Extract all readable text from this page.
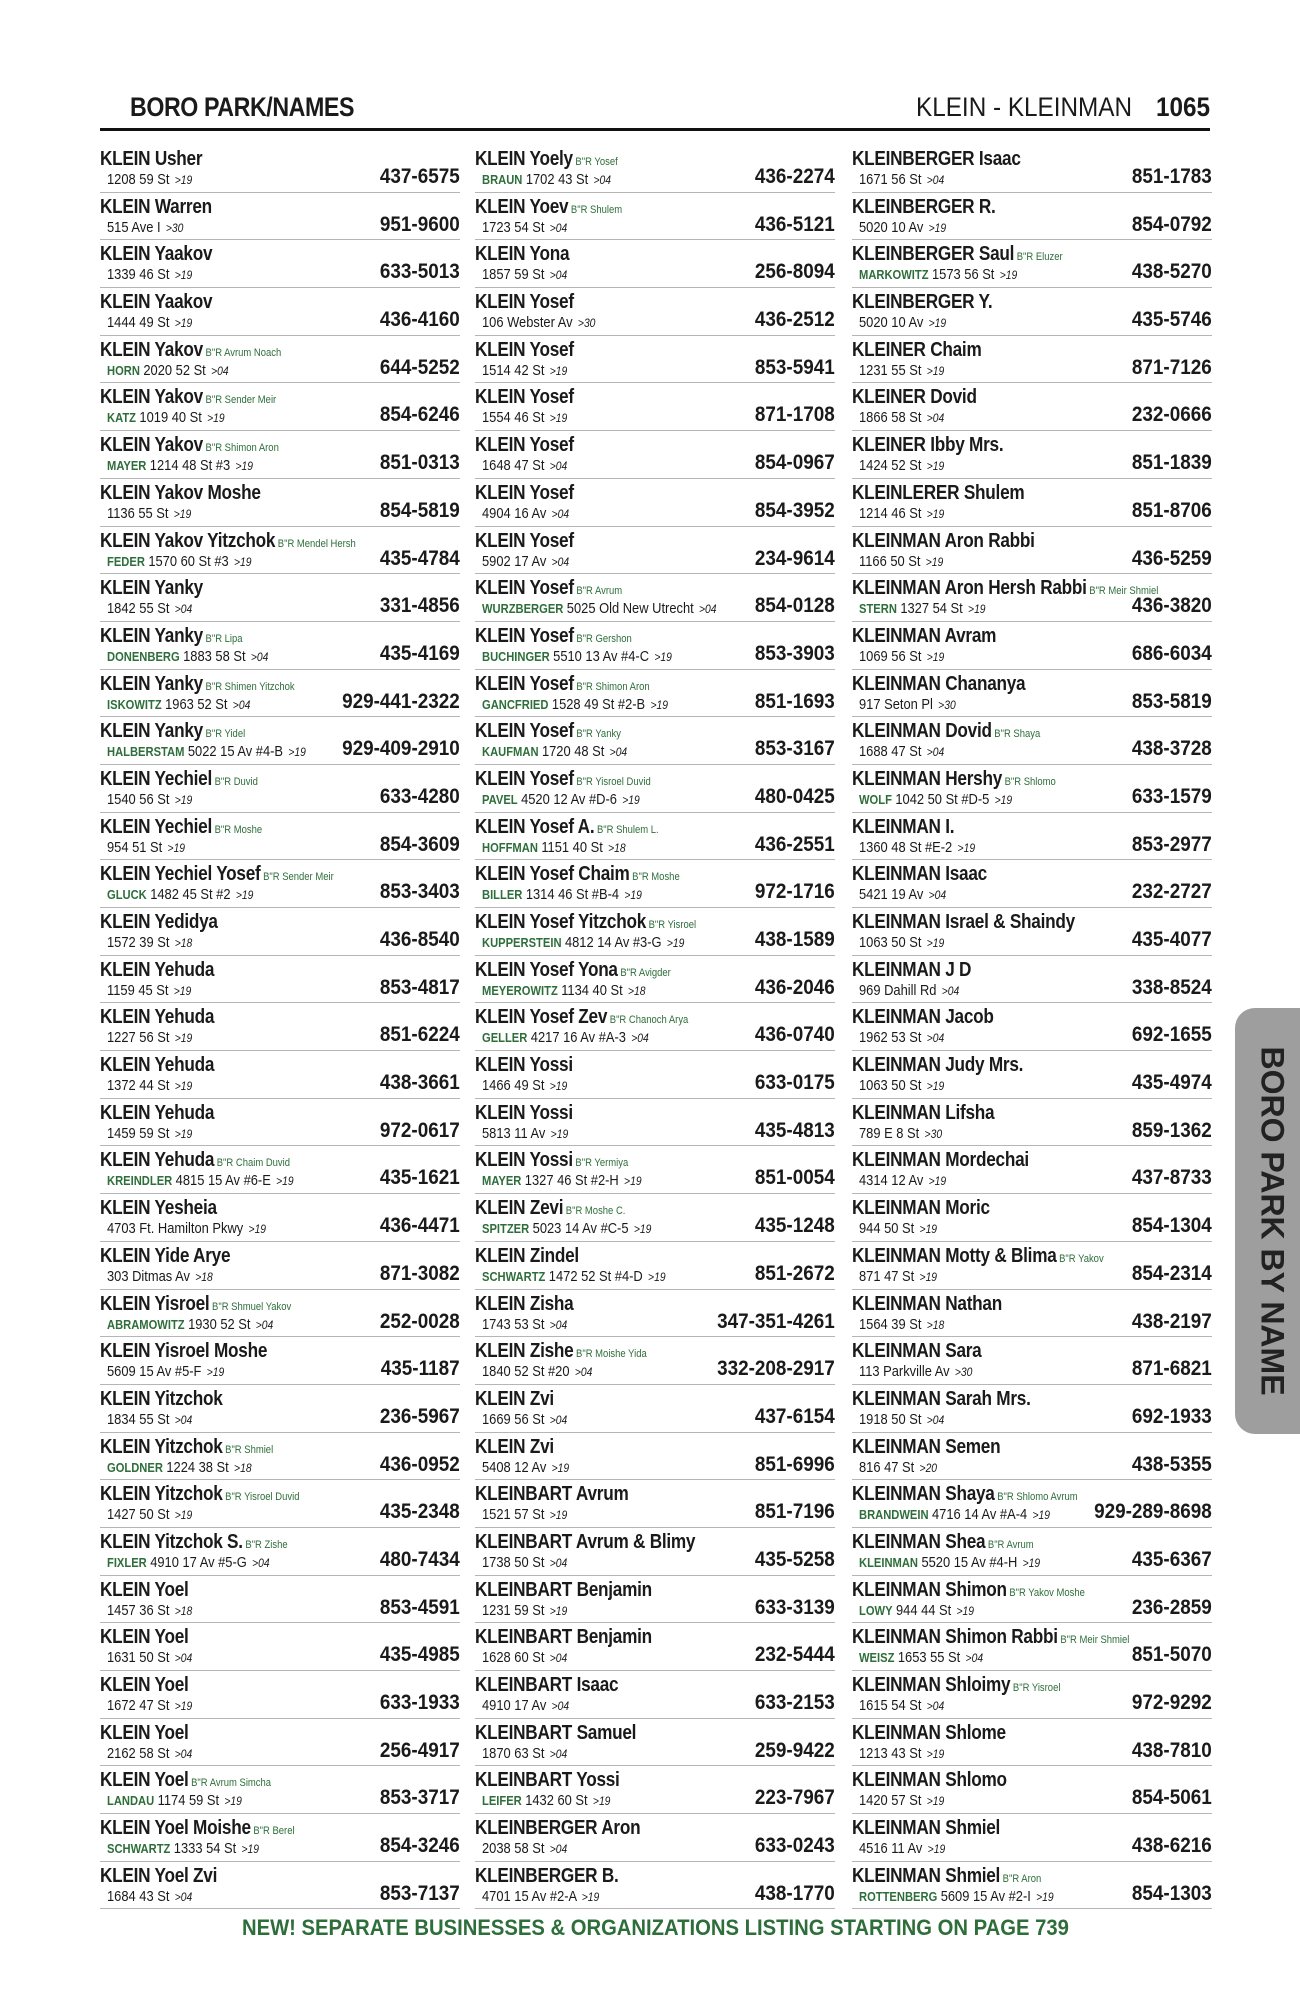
BORO PARK/NAMES	KLEIN - KLEINMAN 1065
KLEIN Usher
1208 59 St >19	437-6575
KLEIN Warren
515 Ave I >30	951-9600
KLEIN Yaakov
1339 46 St >19	633-5013
KLEIN Yaakov
1444 49 St >19	436-4160
KLEIN Yakov B"R Avrum Noach
HORN 2020 52 St >04	644-5252
KLEIN Yakov B"R Sender Meir
KATZ 1019 40 St >19	854-6246
KLEIN Yakov B"R Shimon Aron
MAYER 1214 48 St #3 >19	851-0313
KLEIN Yakov Moshe
1136 55 St >19	854-5819
KLEIN Yakov Yitzchok B"R Mendel Hersh
FEDER 1570 60 St #3 >19	435-4784
KLEIN Yanky
1842 55 St >04	331-4856
KLEIN Yanky B"R Lipa
DONENBERG 1883 58 St >04	435-4169
KLEIN Yanky B"R Shimen Yitzchok
ISKOWITZ 1963 52 St >04	929-441-2322
KLEIN Yanky B"R Yidel
HALBERSTAM 5022 15 Av #4-B >19 929-409-2910
KLEIN Yechiel B"R Duvid
1540 56 St >19	633-4280
KLEIN Yechiel B"R Moshe
954 51 St >19	854-3609
KLEIN Yechiel Yosef B"R Sender Meir
GLUCK 1482 45 St #2 >19	853-3403
KLEIN Yedidya
1572 39 St >18	436-8540
KLEIN Yehuda
1159 45 St >19	853-4817
KLEIN Yehuda
1227 56 St >19	851-6224
KLEIN Yehuda
1372 44 St >19	438-3661
KLEIN Yehuda
1459 59 St >19	972-0617
KLEIN Yehuda B"R Chaim Duvid
KREINDLER 4815 15 Av #6-E >19	435-1621
KLEIN Yesheia
4703 Ft. Hamilton Pkwy >19	436-4471
KLEIN Yide Arye
303 Ditmas Av >18	871-3082
KLEIN Yisroel B"R Shmuel Yakov
ABRAMOWITZ 1930 52 St >04	252-0028
KLEIN Yisroel Moshe
5609 15 Av #5-F >19	435-1187
KLEIN Yitzchok
1834 55 St >04	236-5967
KLEIN Yitzchok B"R Shmiel
GOLDNER 1224 38 St >18	436-0952
KLEIN Yitzchok B"R Yisroel Duvid
1427 50 St >19	435-2348
KLEIN Yitzchok S. B"R Zishe
FIXLER 4910 17 Av #5-G >04	480-7434
KLEIN Yoel
1457 36 St >18	853-4591
KLEIN Yoel
1631 50 St >04	435-4985
KLEIN Yoel
1672 47 St >19	633-1933
KLEIN Yoel
2162 58 St >04	256-4917
KLEIN Yoel B"R Avrum Simcha
LANDAU 1174 59 St >19	853-3717
KLEIN Yoel Moishe B"R Berel
SCHWARTZ 1333 54 St >19	854-3246
KLEIN Yoel Zvi
1684 43 St >04	853-7137
KLEIN Yoely B"R Yosef
BRAUN 1702 43 St >04	436-2274
KLEIN Yoev B"R Shulem
1723 54 St >04	436-5121
KLEIN Yona
1857 59 St >04	256-8094
KLEIN Yosef
106 Webster Av >30	436-2512
KLEIN Yosef
1514 42 St >19	853-5941
KLEIN Yosef
1554 46 St >19	871-1708
KLEIN Yosef
1648 47 St >04	854-0967
KLEIN Yosef
4904 16 Av >04	854-3952
KLEIN Yosef
5902 17 Av >04	234-9614
KLEIN Yosef B"R Avrum
WURZBERGER 5025 Old New Utrecht >04 854-0128
KLEIN Yosef B"R Gershon
BUCHINGER 5510 13 Av #4-C >19	853-3903
KLEIN Yosef B"R Shimon Aron
GANCFRIED 1528 49 St #2-B >19	851-1693
KLEIN Yosef B"R Yanky
KAUFMAN 1720 48 St >04	853-3167
KLEIN Yosef B"R Yisroel Duvid
PAVEL 4520 12 Av #D-6 >19	480-0425
KLEIN Yosef A. B"R Shulem L.
HOFFMAN 1151 40 St >18	436-2551
KLEIN Yosef Chaim B"R Moshe
BILLER 1314 46 St #B-4 >19	972-1716
KLEIN Yosef Yitzchok B"R Yisroel
KUPPERSTEIN 4812 14 Av #3-G >19	438-1589
KLEIN Yosef Yona B"R Avigder
MEYEROWITZ 1134 40 St >18	436-2046
KLEIN Yosef Zev B"R Chanoch Arya
GELLER 4217 16 Av #A-3 >04	436-0740
KLEIN Yossi
1466 49 St >19	633-0175
KLEIN Yossi
5813 11 Av >19	435-4813
KLEIN Yossi B"R Yermiya
MAYER 1327 46 St #2-H >19	851-0054
KLEIN Zevi B"R Moshe C.
SPITZER 5023 14 Av #C-5 >19	435-1248
KLEIN Zindel
SCHWARTZ 1472 52 St #4-D >19	851-2672
KLEIN Zisha
1743 53 St >04	347-351-4261
KLEIN Zishe B"R Moishe Yida
1840 52 St #20 >04	332-208-2917
KLEIN Zvi
1669 56 St >04	437-6154
KLEIN Zvi
5408 12 Av >19	851-6996
KLEINBART Avrum
1521 57 St >19	851-7196
KLEINBART Avrum & Blimy
1738 50 St >04	435-5258
KLEINBART Benjamin
1231 59 St >19	633-3139
KLEINBART Benjamin
1628 60 St >04	232-5444
KLEINBART Isaac
4910 17 Av >04	633-2153
KLEINBART Samuel
1870 63 St >04	259-9422
KLEINBART Yossi
LEIFER 1432 60 St >19	223-7967
KLEINBERGER Aron
2038 58 St >04	633-0243
KLEINBERGER B.
4701 15 Av #2-A >19	438-1770
KLEINBERGER Isaac
1671 56 St >04	851-1783
KLEINBERGER R.
5020 10 Av >19	854-0792
KLEINBERGER Saul B"R Eluzer
MARKOWITZ 1573 56 St >19	438-5270
KLEINBERGER Y.
5020 10 Av >19	435-5746
KLEINER Chaim
1231 55 St >19	871-7126
KLEINER Dovid
1866 58 St >04	232-0666
KLEINER Ibby Mrs.
1424 52 St >19	851-1839
KLEINLERER Shulem
1214 46 St >19	851-8706
KLEINMAN Aron Rabbi
1166 50 St >19	436-5259
KLEINMAN Aron Hersh Rabbi B"R Meir Shmiel
STERN 1327 54 St >19	436-3820
KLEINMAN Avram
1069 56 St >19	686-6034
KLEINMAN Chananya
917 Seton Pl >30	853-5819
KLEINMAN Dovid B"R Shaya
1688 47 St >04	438-3728
KLEINMAN Hershy B"R Shlomo
WOLF 1042 50 St #D-5 >19	633-1579
KLEINMAN I.
1360 48 St #E-2 >19	853-2977
KLEINMAN Isaac
5421 19 Av >04	232-2727
KLEINMAN Israel & Shaindy
1063 50 St >19	435-4077
KLEINMAN J D
969 Dahill Rd >04	338-8524
KLEINMAN Jacob
1962 53 St >04	692-1655
KLEINMAN Judy Mrs.
1063 50 St >19	435-4974
KLEINMAN Lifsha
789 E 8 St >30	859-1362
KLEINMAN Mordechai
4314 12 Av >19	437-8733
KLEINMAN Moric
944 50 St >19	854-1304
KLEINMAN Motty & Blima B"R Yakov
871 47 St >19	854-2314
KLEINMAN Nathan
1564 39 St >18	438-2197
KLEINMAN Sara
113 Parkville Av >30	871-6821
KLEINMAN Sarah Mrs.
1918 50 St >04	692-1933
KLEINMAN Semen
816 47 St >20	438-5355
KLEINMAN Shaya B"R Shlomo Avrum
BRANDWEIN 4716 14 Av #A-4 >19 929-289-8698
KLEINMAN Shea B"R Avrum
KLEINMAN 5520 15 Av #4-H >19	435-6367
KLEINMAN Shimon B"R Yakov Moshe
LOWY 944 44 St >19	236-2859
KLEINMAN Shimon Rabbi B"R Meir Shmiel
WEISZ 1653 55 St >04	851-5070
KLEINMAN Shloimy B"R Yisroel
1615 54 St >04	972-9292
KLEINMAN Shlome
1213 43 St >19	438-7810
KLEINMAN Shlomo
1420 57 St >19	854-5061
KLEINMAN Shmiel
4516 11 Av >19	438-6216
KLEINMAN Shmiel B"R Aron
ROTTENBERG 5609 15 Av #2-I >19	854-1303
BORO PARK BY NAME
NEW! SEPARATE BUSINESSES & ORGANIZATIONS LISTING STARTING ON PAGE 739
